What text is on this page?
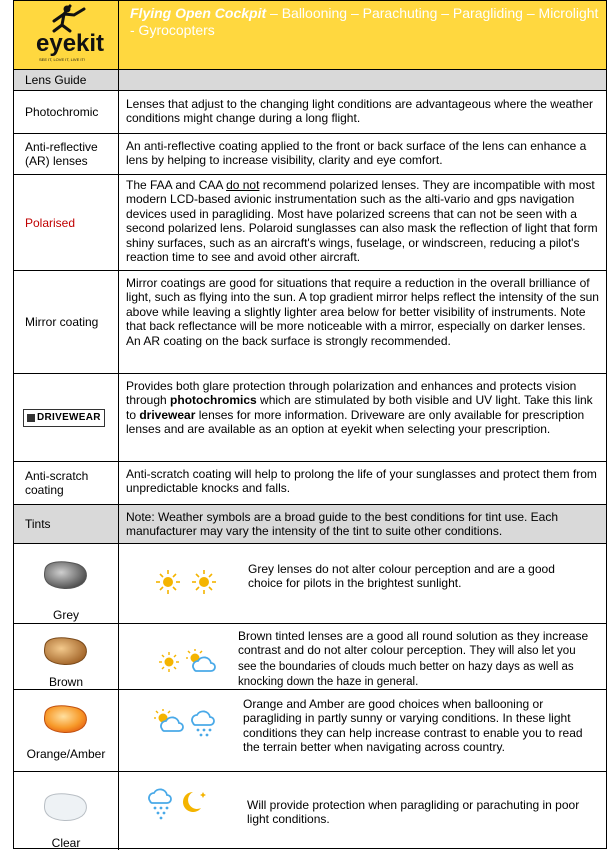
eyekit
SEE IT, LOVE IT, LIVE IT!
Flying Open Cockpit – Ballooning – Parachuting – Paragliding – Microlight - Gyrocopters
Lens Guide
Photochromic
Lenses that adjust to the changing light conditions are advantageous where the weather conditions might change during a long flight.
Anti-reflective (AR) lenses
An anti-reflective coating applied to the front or back surface of the lens can enhance a lens by helping to increase visibility, clarity and eye comfort.
Polarised
The FAA and CAA do not recommend polarized lenses. They are incompatible with most modern LCD-based avionic instrumentation such as the alti-vario and gps navigation devices used in paragliding. Most have polarized screens that can not be seen with a second polarized lens. Polaroid sunglasses can also mask the reflection of light that form shiny surfaces, such as an aircraft's wings, fuselage, or windscreen, reducing a pilot's reaction time to see and avoid other aircraft.
Mirror coating
Mirror coatings are good for situations that require a reduction in the overall brilliance of light, such as flying into the sun. A top gradient mirror helps reflect the intensity of the sun above while leaving a slightly lighter area below for better visibility of instruments. Note that back reflectance will be more noticeable with a mirror, especially on darker lenses. An AR coating on the back surface is strongly recommended.
DRIVEWEAR
Provides both glare protection through polarization and enhances and protects vision through photochromics which are stimulated by both visible and UV light. Take this link to drivewear lenses for more information. Driveware are only available for prescription lenses and are available as an option at eyekit when selecting your prescription.
Anti-scratch coating
Anti-scratch coating will help to prolong the life of your sunglasses and protect them from unpredictable knocks and falls.
Tints	Note: Weather symbols are a broad guide to the best conditions for tint use. Each manufacturer may vary the intensity of the tint to suite other conditions.
Grey
Grey lenses do not alter colour perception and are a good choice for pilots in the brightest sunlight.
Brown
Brown tinted lenses are a good all round solution as they increase contrast and do not alter colour perception. They will also let you see the boundaries of clouds much better on hazy days as well as knocking down the haze in general.
Orange/Amber
Orange and Amber are good choices when ballooning or paragliding in partly sunny or varying conditions. In these light conditions they can help increase contrast to enable you to read the terrain better when navigating across country.
Clear
Will provide protection when paragliding or parachuting in poor light conditions.
